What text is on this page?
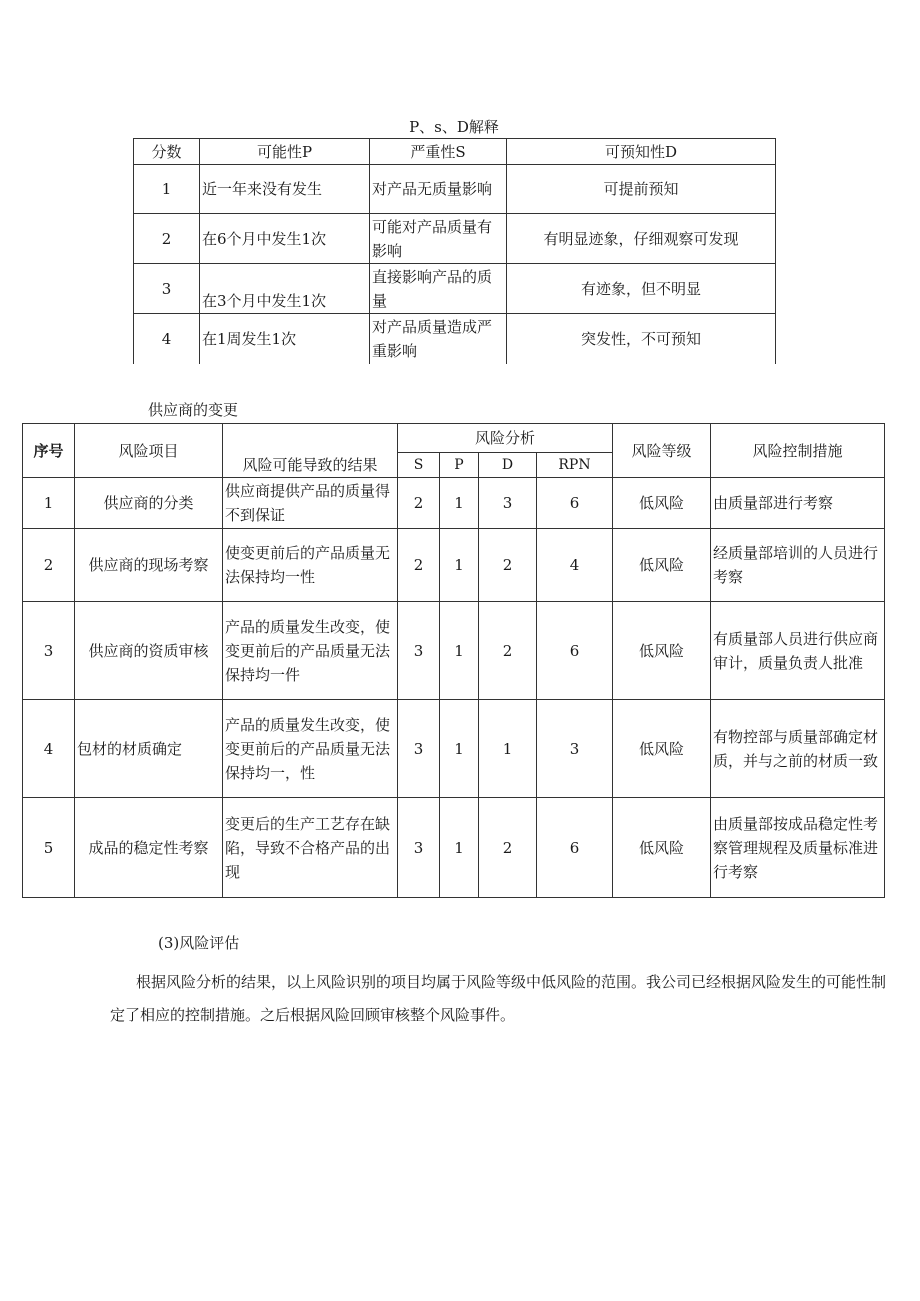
P、s、D解释
分数	可能性P	严重性S	可预知性D
1	近一年来没有发生	对产品无质量影响	可提前预知
2	在6个月中发生1次	可能对产品质量有影响	有明显迹象，仔细观察可发现
3	在3个月中发生1次	直接影响产品的质量	有迹象，但不明显
4	在1周发生1次	对产品质量造成严重影响	突发性，不可预知
供应商的变更
序号	风险项目	风险可能导致的结果	风险分析				风险等级	风险控制措施
			S	P	D	RPN		
1	供应商的分类	供应商提供产品的质量得不到保证	2	1	3	6	低风险	由质量部进行考察
2	供应商的现场考察	使变更前后的产品质量无法保持均一性	2	1	2	4	低风险	经质量部培训的人员进行考察
3	供应商的资质审核	产品的质量发生改变，使变更前后的产品质量无法保持均一件	3	1	2	6	低风险	有质量部人员进行供应商审计，质量负责人批准
4	包材的材质确定	产品的质量发生改变，使变更前后的产品质量无法保持均一，性	3	1	1	3	低风险	有物控部与质量部确定材质，并与之前的材质一致
5	成品的稳定性考察	变更后的生产工艺存在缺陷，导致不合格产品的出现	3	1	2	6	低风险	由质量部按成品稳定性考察管理规程及质量标准进行考察
(3)风险评估
根据风险分析的结果，以上风险识别的项目均属于风险等级中低风险的范围。我公司已经根据风险发生的可能性制定了相应的控制措施。之后根据风险回顾审核整个风险事件。
